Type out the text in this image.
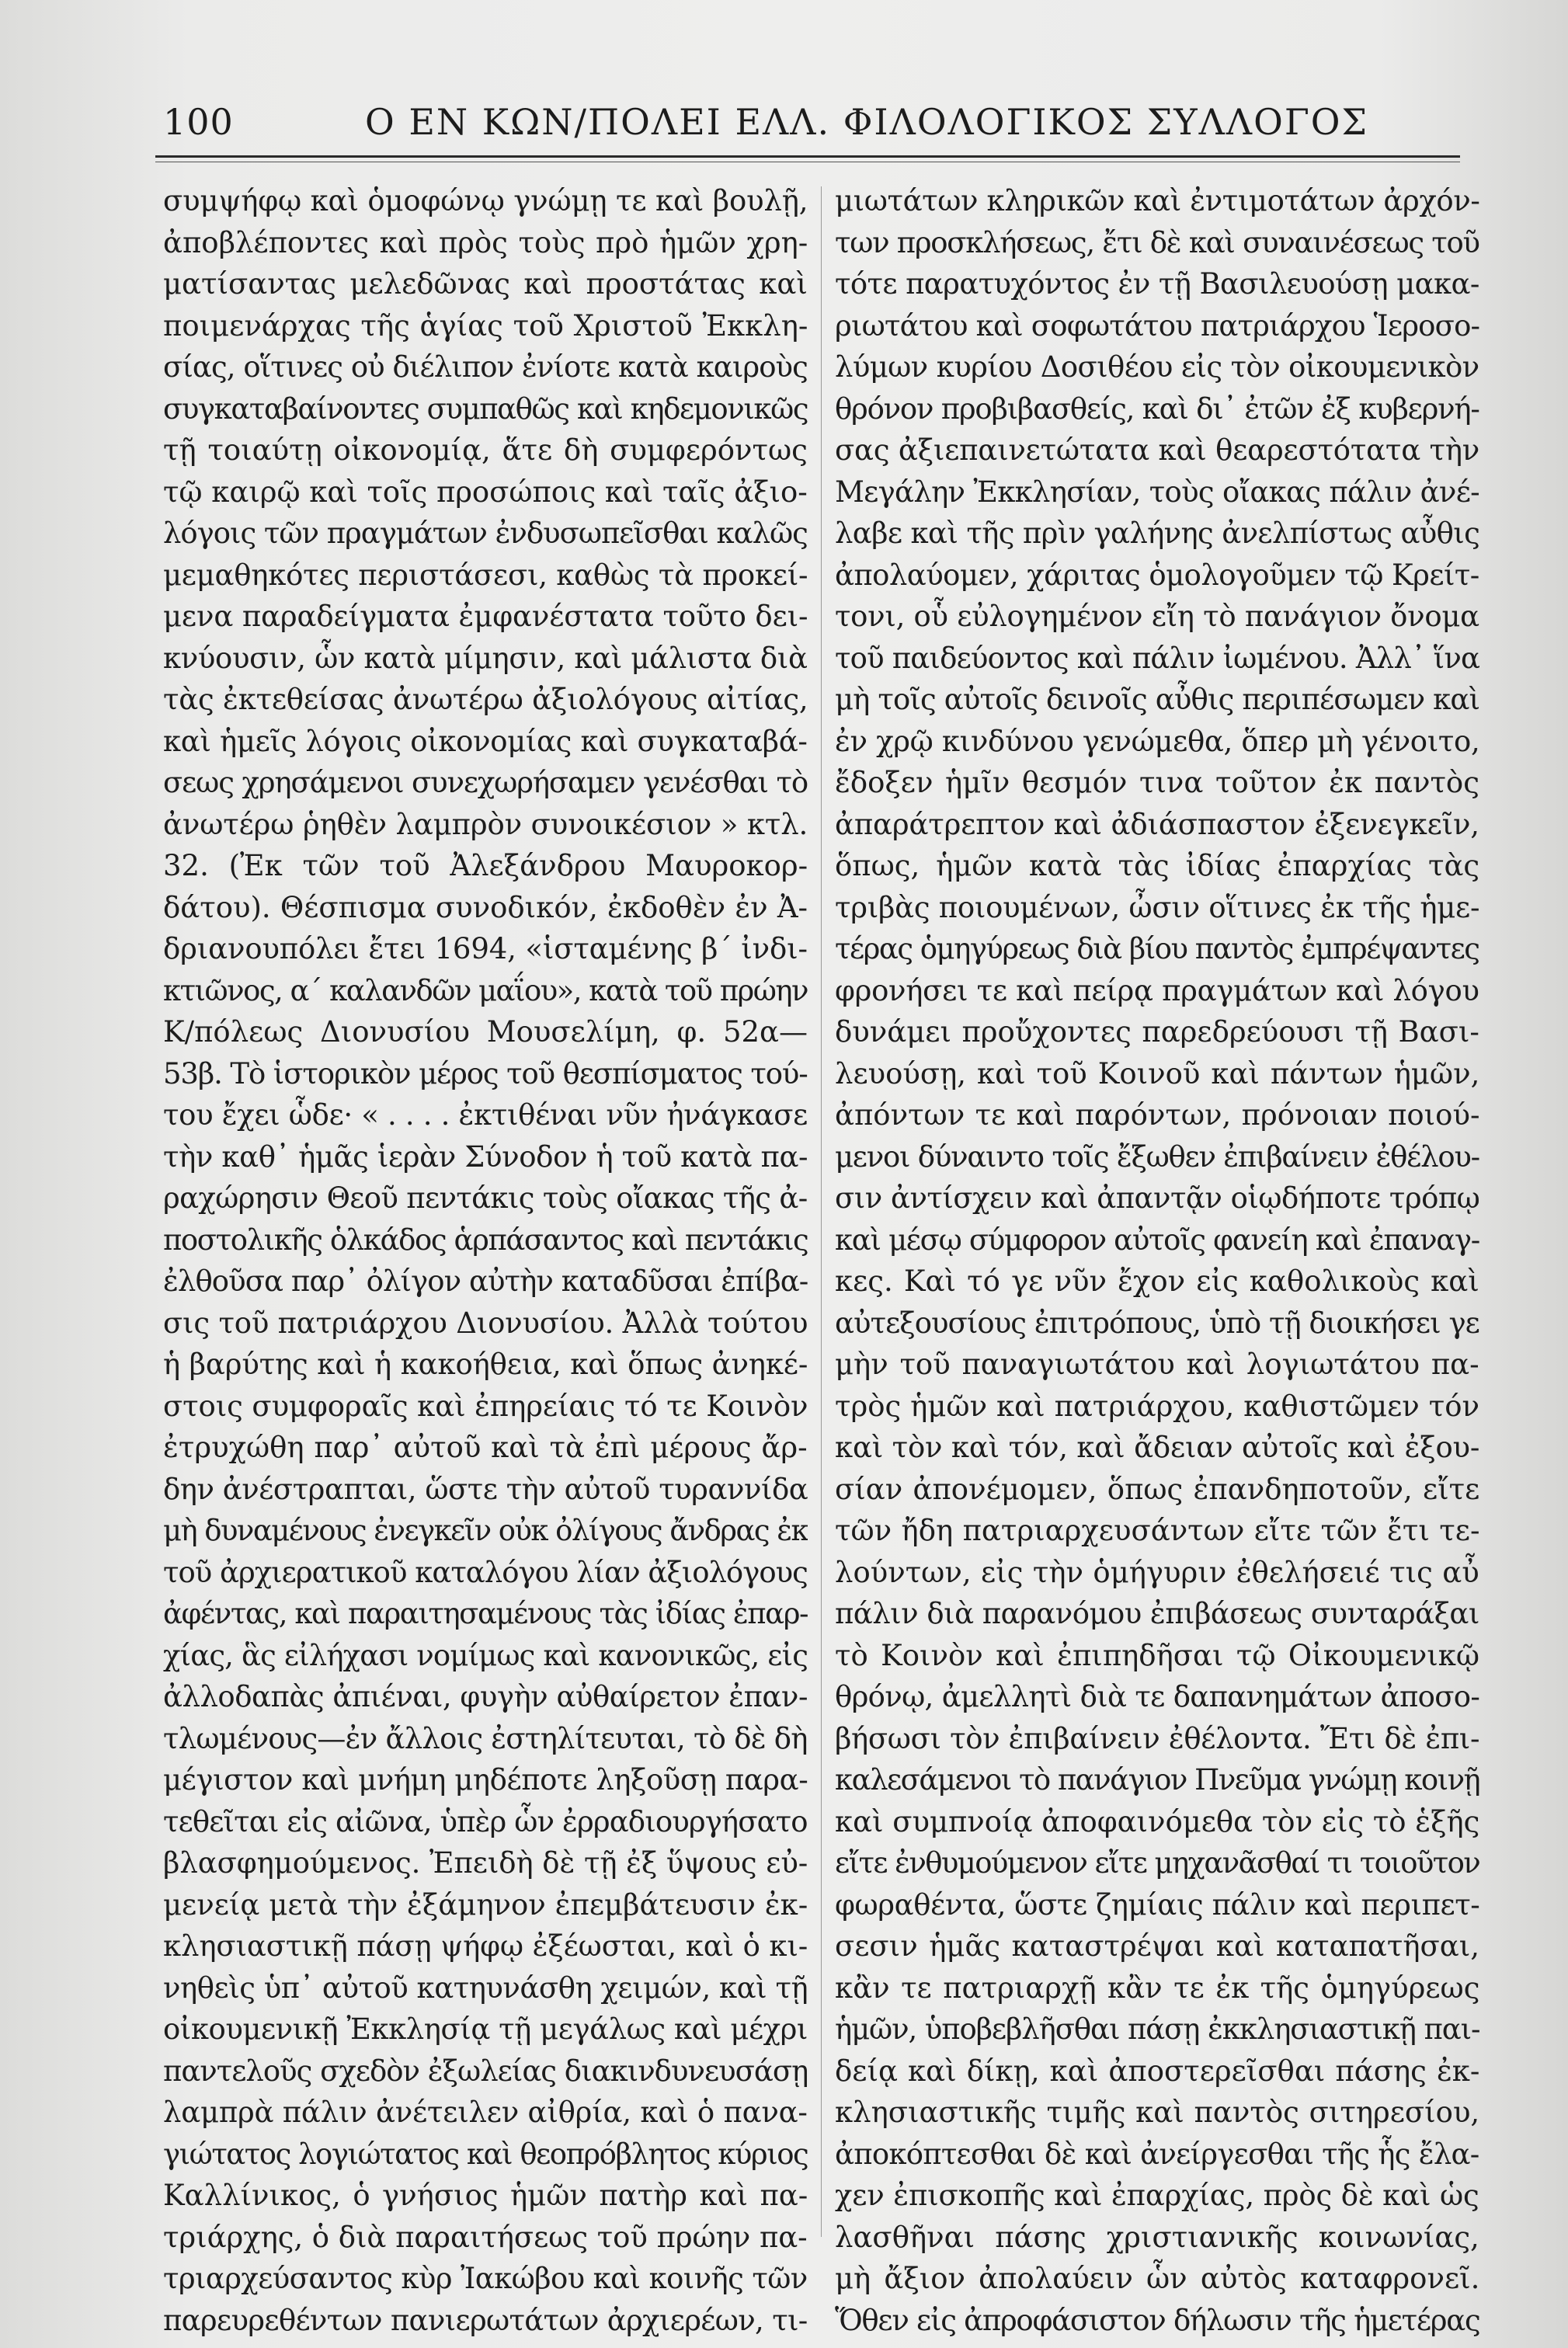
100	Ο ΕΝ ΚΩΝ/ΠΟΛΕΙ ΕΛΛ. ΦΙΛΟΛΟΓΙΚΟΣ ΣΥΛΛΟΓΟΣ
συμψήφῳ καὶ ὁμοφώνῳ γνώμῃ τε καὶ βουλῇ,
ἀποβλέποντες καὶ πρὸς τοὺς πρὸ ἡμῶν χρη-
ματίσαντας μελεδῶνας καὶ προστάτας καὶ
ποιμενάρχας τῆς ἁγίας τοῦ Χριστοῦ Ἐκκλη-
σίας, οἵτινες οὐ διέλιπον ἐνίοτε κατὰ καιροὺς
συγκαταβαίνοντες συμπαθῶς καὶ κηδεμονικῶς
τῇ τοιαύτῃ οἰκονομίᾳ, ἅτε δὴ συμφερόντως
τῷ καιρῷ καὶ τοῖς προσώποις καὶ ταῖς ἀξιο-
λόγοις τῶν πραγμάτων ἐνδυσωπεῖσθαι καλῶς
μεμαθηκότες περιστάσεσι, καθὼς τὰ προκεί-
μενα παραδείγματα ἐμφανέστατα τοῦτο δει-
κνύουσιν, ὧν κατὰ μίμησιν, καὶ μάλιστα διὰ
τὰς ἐκτεθείσας ἀνωτέρω ἀξιολόγους αἰτίας,
καὶ ἡμεῖς λόγοις οἰκονομίας καὶ συγκαταβά-
σεως χρησάμενοι συνεχωρήσαμεν γενέσθαι τὸ
ἀνωτέρω ῥηθὲν λαμπρὸν συνοικέσιον » κτλ.
32. (Ἐκ τῶν τοῦ Ἀλεξάνδρου Μαυροκορ-
δάτου). Θέσπισμα συνοδικόν, ἐκδοθὲν ἐν Ἀ-
δριανουπόλει ἔτει 1694, «ἱσταμένης β΄ ἰνδι-
κτιῶνος, α΄ καλανδῶν μαΐου», κατὰ τοῦ πρώην
Κ/πόλεως Διονυσίου Μουσελίμη, φ. 52α—
53β. Τὸ ἱστορικὸν μέρος τοῦ θεσπίσματος τού-
του ἔχει ὧδε· « . . . . ἐκτιθέναι νῦν ἠνάγκασε
τὴν καθ᾿ ἡμᾶς ἱερὰν Σύνοδον ἡ τοῦ κατὰ πα-
ραχώρησιν Θεοῦ πεντάκις τοὺς οἴακας τῆς ἀ-
ποστολικῆς ὁλκάδος ἁρπάσαντος καὶ πεντάκις
ἐλθοῦσα παρ᾿ ὀλίγον αὐτὴν καταδῦσαι ἐπίβα-
σις τοῦ πατριάρχου Διονυσίου. Ἀλλὰ τούτου
ἡ βαρύτης καὶ ἡ κακοήθεια, καὶ ὅπως ἀνηκέ-
στοις συμφοραῖς καὶ ἐπηρείαις τό τε Κοινὸν
ἐτρυχώθη παρ᾿ αὐτοῦ καὶ τὰ ἐπὶ μέρους ἄρ-
δην ἀνέστραπται, ὥστε τὴν αὐτοῦ τυραννίδα
μὴ δυναμένους ἐνεγκεῖν οὐκ ὀλίγους ἄνδρας ἐκ
τοῦ ἀρχιερατικοῦ καταλόγου λίαν ἀξιολόγους
ἀφέντας, καὶ παραιτησαμένους τὰς ἰδίας ἐπαρ-
χίας, ἃς εἰλήχασι νομίμως καὶ κανονικῶς, εἰς
ἀλλοδαπὰς ἀπιέναι, φυγὴν αὐθαίρετον ἐπαν-
τλωμένους—ἐν ἄλλοις ἐστηλίτευται, τὸ δὲ δὴ
μέγιστον καὶ μνήμη μηδέποτε ληξοῦσῃ παρα-
τεθεῖται εἰς αἰῶνα, ὑπὲρ ὧν ἐρραδιουργήσατο
βλασφημούμενος. Ἐπειδὴ δὲ τῇ ἐξ ὕψους εὐ-
μενείᾳ μετὰ τὴν ἐξάμηνον ἐπεμβάτευσιν ἐκ-
κλησιαστικῇ πάσῃ ψήφῳ ἐξέωσται, καὶ ὁ κι-
νηθεὶς ὑπ᾿ αὐτοῦ κατηυνάσθη χειμών, καὶ τῇ
οἰκουμενικῇ Ἐκκλησίᾳ τῇ μεγάλως καὶ μέχρι
παντελοῦς σχεδὸν ἐξωλείας διακινδυνευσάσῃ
λαμπρὰ πάλιν ἀνέτειλεν αἰθρία, καὶ ὁ πανα-
γιώτατος λογιώτατος καὶ θεοπρόβλητος κύριος
Καλλίνικος, ὁ γνήσιος ἡμῶν πατὴρ καὶ πα-
τριάρχης, ὁ διὰ παραιτήσεως τοῦ πρώην πα-
τριαρχεύσαντος κὺρ Ἰακώβου καὶ κοινῆς τῶν
παρευρεθέντων πανιερωτάτων ἀρχιερέων, τι-
μιωτάτων κληρικῶν καὶ ἐντιμοτάτων ἀρχόν-
των προσκλήσεως, ἔτι δὲ καὶ συναινέσεως τοῦ
τότε παρατυχόντος ἐν τῇ Βασιλευούσῃ μακα-
ριωτάτου καὶ σοφωτάτου πατριάρχου Ἱεροσο-
λύμων κυρίου Δοσιθέου εἰς τὸν οἰκουμενικὸν
θρόνον προβιβασθείς, καὶ δι᾿ ἐτῶν ἐξ κυβερνή-
σας ἀξιεπαινετώτατα καὶ θεαρεστότατα τὴν
Μεγάλην Ἐκκλησίαν, τοὺς οἴακας πάλιν ἀνέ-
λαβε καὶ τῆς πρὶν γαλήνης ἀνελπίστως αὖθις
ἀπολαύομεν, χάριτας ὁμολογοῦμεν τῷ Κρείτ-
τονι, οὗ εὐλογημένον εἴη τὸ πανάγιον ὄνομα
τοῦ παιδεύοντος καὶ πάλιν ἰωμένου. Ἀλλ᾿ ἵνα
μὴ τοῖς αὐτοῖς δεινοῖς αὖθις περιπέσωμεν καὶ
ἐν χρῷ κινδύνου γενώμεθα, ὅπερ μὴ γένοιτο,
ἔδοξεν ἡμῖν θεσμόν τινα τοῦτον ἐκ παντὸς
ἀπαράτρεπτον καὶ ἀδιάσπαστον ἐξενεγκεῖν,
ὅπως, ἡμῶν κατὰ τὰς ἰδίας ἐπαρχίας τὰς
τριβὰς ποιουμένων, ὦσιν οἵτινες ἐκ τῆς ἡμε-
τέρας ὁμηγύρεως διὰ βίου παντὸς ἐμπρέψαντες
φρονήσει τε καὶ πείρᾳ πραγμάτων καὶ λόγου
δυνάμει προὔχοντες παρεδρεύουσι τῇ Βασι-
λευούσῃ, καὶ τοῦ Κοινοῦ καὶ πάντων ἡμῶν,
ἀπόντων τε καὶ παρόντων, πρόνοιαν ποιού-
μενοι δύναιντο τοῖς ἔξωθεν ἐπιβαίνειν ἐθέλου-
σιν ἀντίσχειν καὶ ἀπαντᾷν οἱῳδήποτε τρόπῳ
καὶ μέσῳ σύμφορον αὐτοῖς φανείη καὶ ἐπαναγ-
κες. Καὶ τό γε νῦν ἔχον εἰς καθολικοὺς καὶ
αὐτεξουσίους ἐπιτρόπους, ὑπὸ τῇ διοικήσει γε
μὴν τοῦ παναγιωτάτου καὶ λογιωτάτου πα-
τρὸς ἡμῶν καὶ πατριάρχου, καθιστῶμεν τόν
καὶ τὸν καὶ τόν, καὶ ἄδειαν αὐτοῖς καὶ ἐξου-
σίαν ἀπονέμομεν, ὅπως ἐπανδηποτοῦν, εἴτε
τῶν ἤδη πατριαρχευσάντων εἴτε τῶν ἔτι τε-
λούντων, εἰς τὴν ὁμήγυριν ἐθελήσειέ τις αὖ
πάλιν διὰ παρανόμου ἐπιβάσεως συνταράξαι
τὸ Κοινὸν καὶ ἐπιπηδῆσαι τῷ Οἰκουμενικῷ
θρόνῳ, ἀμελλητὶ διὰ τε δαπανημάτων ἀποσο-
βήσωσι τὸν ἐπιβαίνειν ἐθέλοντα. Ἔτι δὲ ἐπι-
καλεσάμενοι τὸ πανάγιον Πνεῦμα γνώμῃ κοινῇ
καὶ συμπνοίᾳ ἀποφαινόμεθα τὸν εἰς τὸ ἑξῆς
εἴτε ἐνθυμούμενον εἴτε μηχανᾶσθαί τι τοιοῦτον
φωραθέντα, ὥστε ζημίαις πάλιν καὶ περιπετ-
σεσιν ἡμᾶς καταστρέψαι καὶ καταπατῆσαι,
κἂν τε πατριαρχῇ κἂν τε ἐκ τῆς ὁμηγύρεως
ἡμῶν, ὑποβεβλῆσθαι πάσῃ ἐκκλησιαστικῇ παι-
δείᾳ καὶ δίκῃ, καὶ ἀποστερεῖσθαι πάσης ἐκ-
κλησιαστικῆς τιμῆς καὶ παντὸς σιτηρεσίου,
ἀποκόπτεσθαι δὲ καὶ ἀνείργεσθαι τῆς ἧς ἔλα-
χεν ἐπισκοπῆς καὶ ἐπαρχίας, πρὸς δὲ καὶ ὡς
λασθῆναι πάσης χριστιανικῆς κοινωνίας,
μὴ ἄξιον ἀπολαύειν ὧν αὐτὸς καταφρονεῖ.
Ὅθεν εἰς ἀπροφάσιστον δήλωσιν τῆς ἡμετέρας
